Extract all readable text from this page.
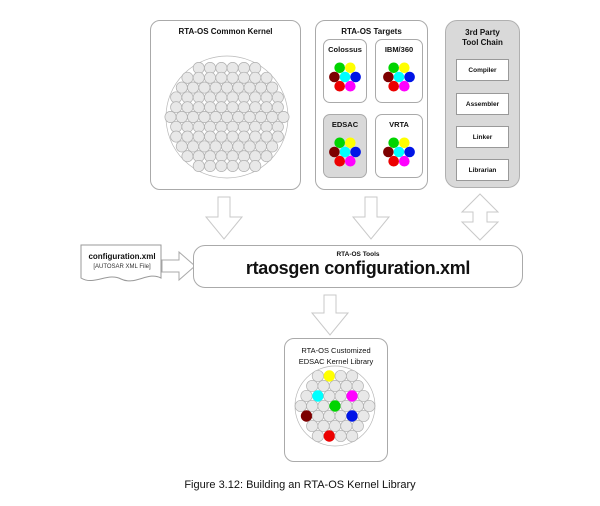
RTA-OS Common Kernel	RTA-OS Targets
Colossus	IBM/360
EDSAC	VRTA
3rd Party
Tool Chain
Compiler
Assembler
Linker
Librarian
configuration.xml
[AUTOSAR XML File]
RTA-OS Tools
rtaosgen configuration.xml
RTA-OS Customized
EDSAC Kernel Library
Figure 3.12: Building an RTA-OS Kernel Library
